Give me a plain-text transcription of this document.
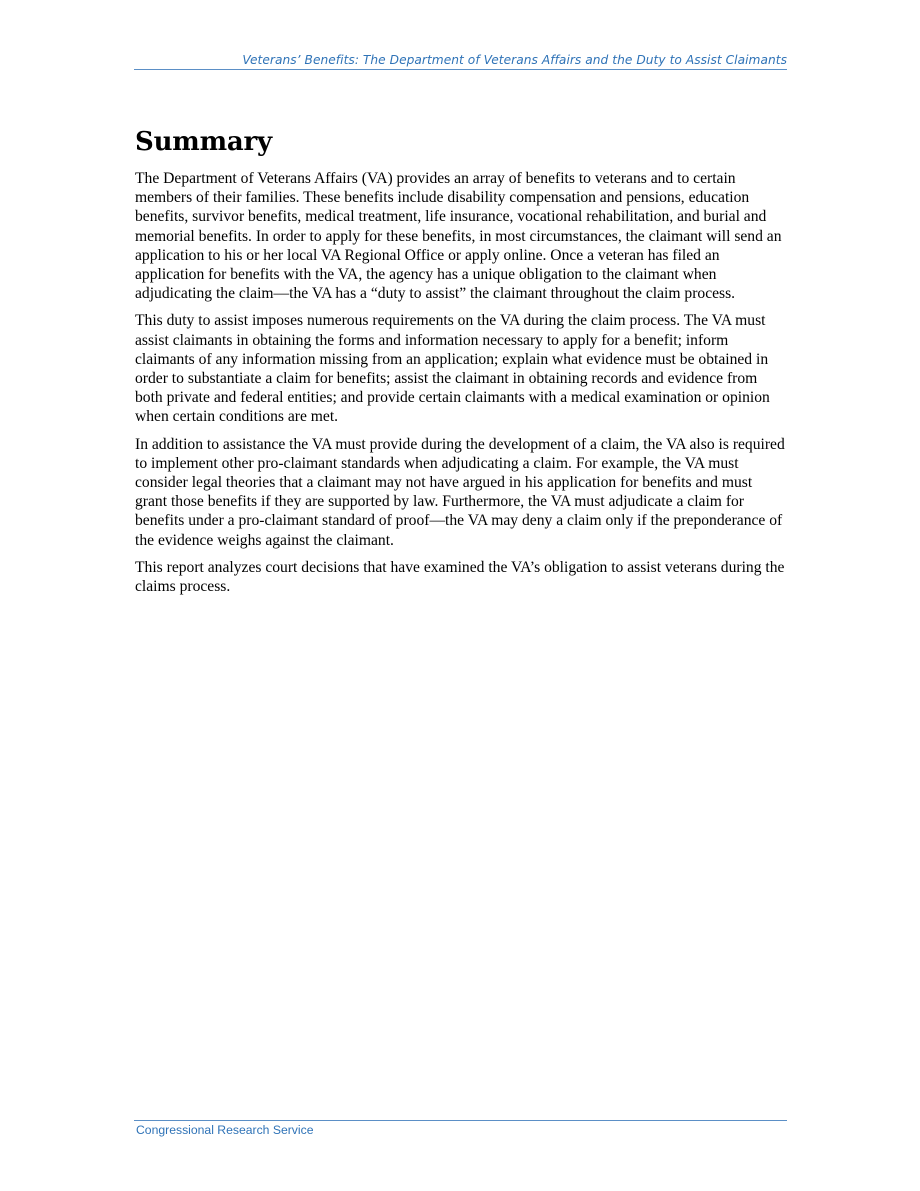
Veterans’ Benefits: The Department of Veterans Affairs and the Duty to Assist Claimants
Summary

The Department of Veterans Affairs (VA) provides an array of benefits to veterans and to certain members of their families. These benefits include disability compensation and pensions, education benefits, survivor benefits, medical treatment, life insurance, vocational rehabilitation, and burial and memorial benefits. In order to apply for these benefits, in most circumstances, the claimant will send an application to his or her local VA Regional Office or apply online. Once a veteran has filed an application for benefits with the VA, the agency has a unique obligation to the claimant when adjudicating the claim—the VA has a “duty to assist” the claimant throughout the claim process.

This duty to assist imposes numerous requirements on the VA during the claim process. The VA must assist claimants in obtaining the forms and information necessary to apply for a benefit; inform claimants of any information missing from an application; explain what evidence must be obtained in order to substantiate a claim for benefits; assist the claimant in obtaining records and evidence from both private and federal entities; and provide certain claimants with a medical examination or opinion when certain conditions are met.

In addition to assistance the VA must provide during the development of a claim, the VA also is required to implement other pro-claimant standards when adjudicating a claim. For example, the VA must consider legal theories that a claimant may not have argued in his application for benefits and must grant those benefits if they are supported by law. Furthermore, the VA must adjudicate a claim for benefits under a pro-claimant standard of proof—the VA may deny a claim only if the preponderance of the evidence weighs against the claimant.

This report analyzes court decisions that have examined the VA’s obligation to assist veterans during the claims process.

Congressional Research Service
